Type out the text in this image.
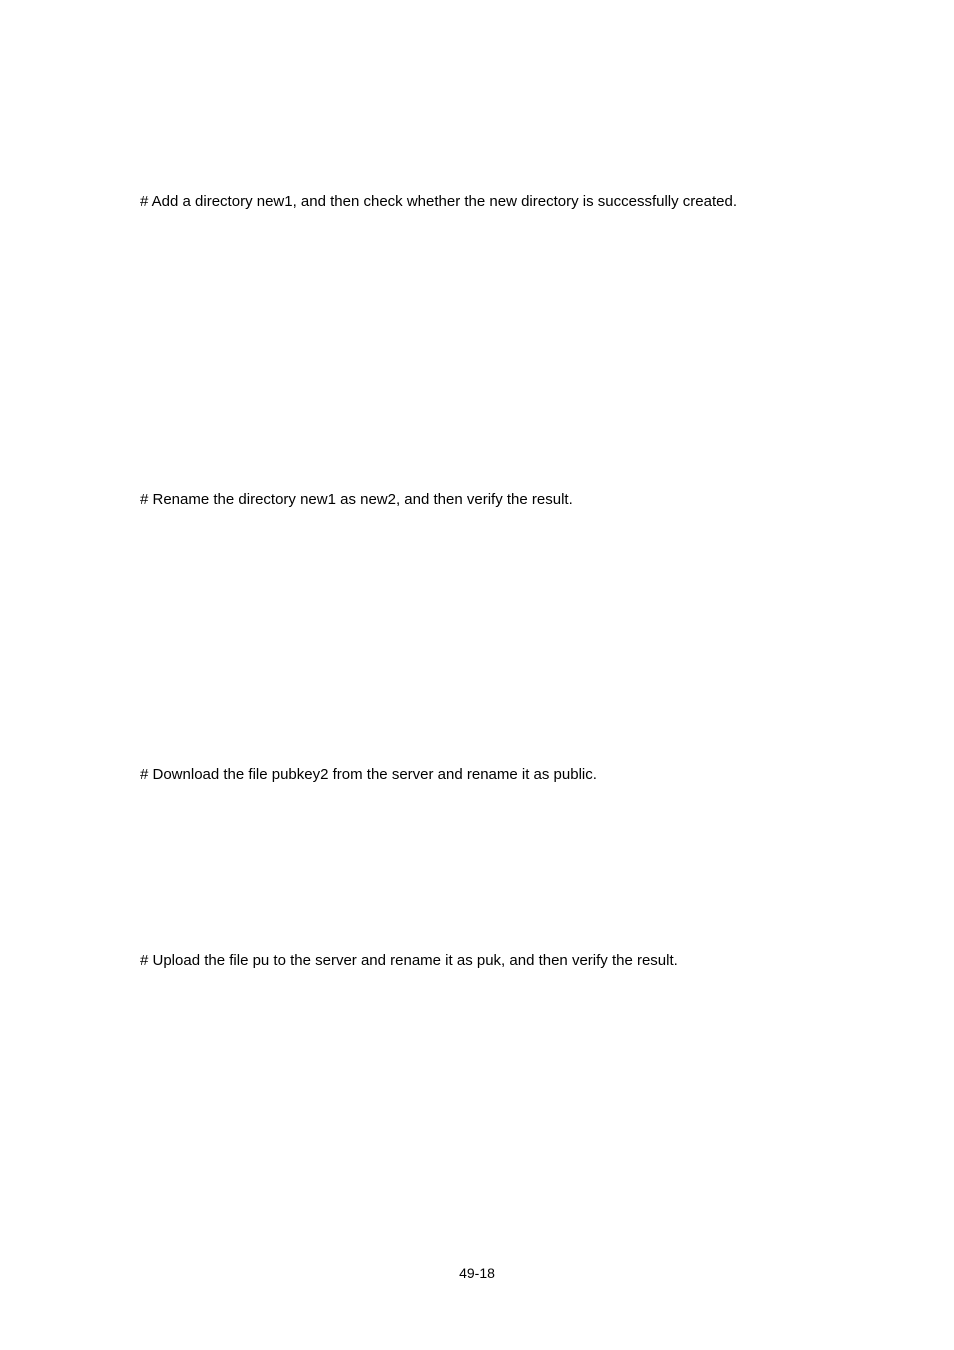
# Add a directory new1, and then check whether the new directory is successfully created.

# Rename the directory new1 as new2, and then verify the result.

# Download the file pubkey2 from the server and rename it as public.

# Upload the file pu to the server and rename it as puk, and then verify the result.

49-18
